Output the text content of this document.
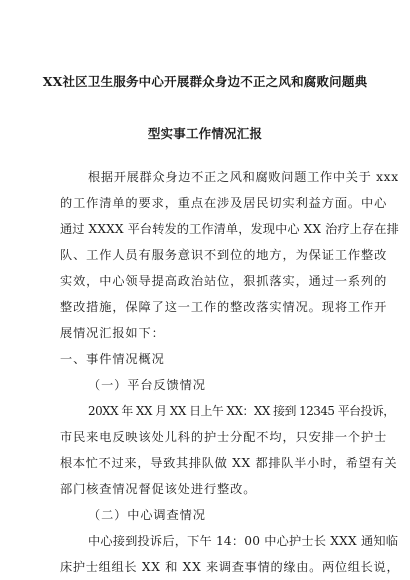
XX社区卫生服务中心开展群众身边不正之风和腐败问题典
型实事工作情况汇报
根据开展群众身边不正之风和腐败问题工作中关于 xxx
的工作清单的要求，重点在涉及居民切实利益方面。中心
通过 XXXX 平台转发的工作清单，发现中心 XX 治疗上存在排
队、工作人员有服务意识不到位的地方，为保证工作整改
实效，中心领导提高政治站位，狠抓落实，通过一系列的
整改措施，保障了这一工作的整改落实情况。现将工作开
展情况汇报如下：
一、事件情况概况
（一）平台反馈情况
20XX 年 XX 月 XX 日上午 XX：XX 接到 12345 平台投诉，
市民来电反映该处儿科的护士分配不均，只安排一个护士
根本忙不过来，导致其排队做 XX 都排队半小时，希望有关
部门核查情况督促该处进行整改。
（二）中心调查情况
中心接到投诉后，下午 14：00 中心护士长 XXX 通知临
床护士组组长 XX 和 XX 来调查事情的缘由。两位组长说，
